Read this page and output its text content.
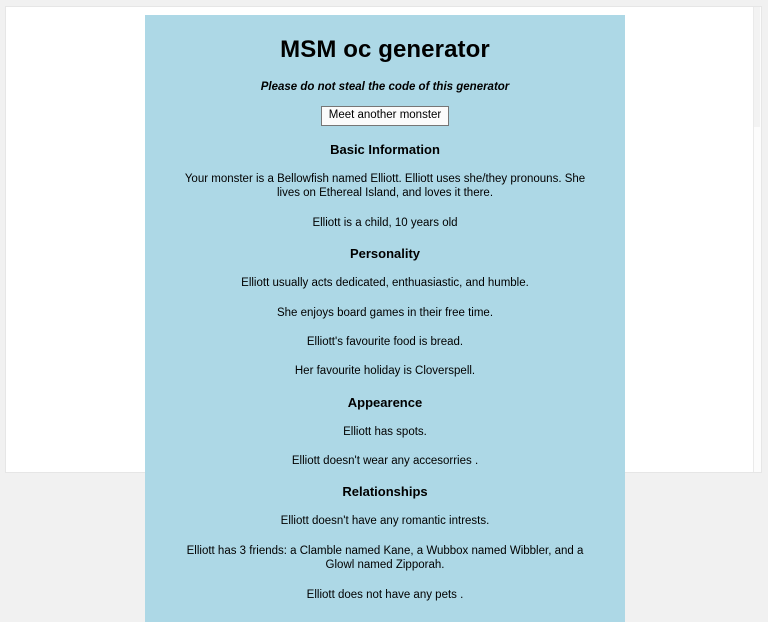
MSM oc generator

Please do not steal the code of this generator

Meet another monster
Basic Information

Your monster is a Bellowfish named Elliott. Elliott uses she/they pronouns. She lives on Ethereal Island, and loves it there.

Elliott is a child, 10 years old

Personality

Elliott usually acts dedicated, enthuasiastic, and humble.

She enjoys board games in their free time.

Elliott's favourite food is bread.

Her favourite holiday is Cloverspell.

Appearence

Elliott has spots.

Elliott doesn't wear any accesorries .

Relationships

Elliott doesn't have any romantic intrests.

Elliott has 3 friends: a Clamble named Kane, a Wubbox named Wibbler, and a Glowl named Zipporah.

Elliott does not have any pets .
